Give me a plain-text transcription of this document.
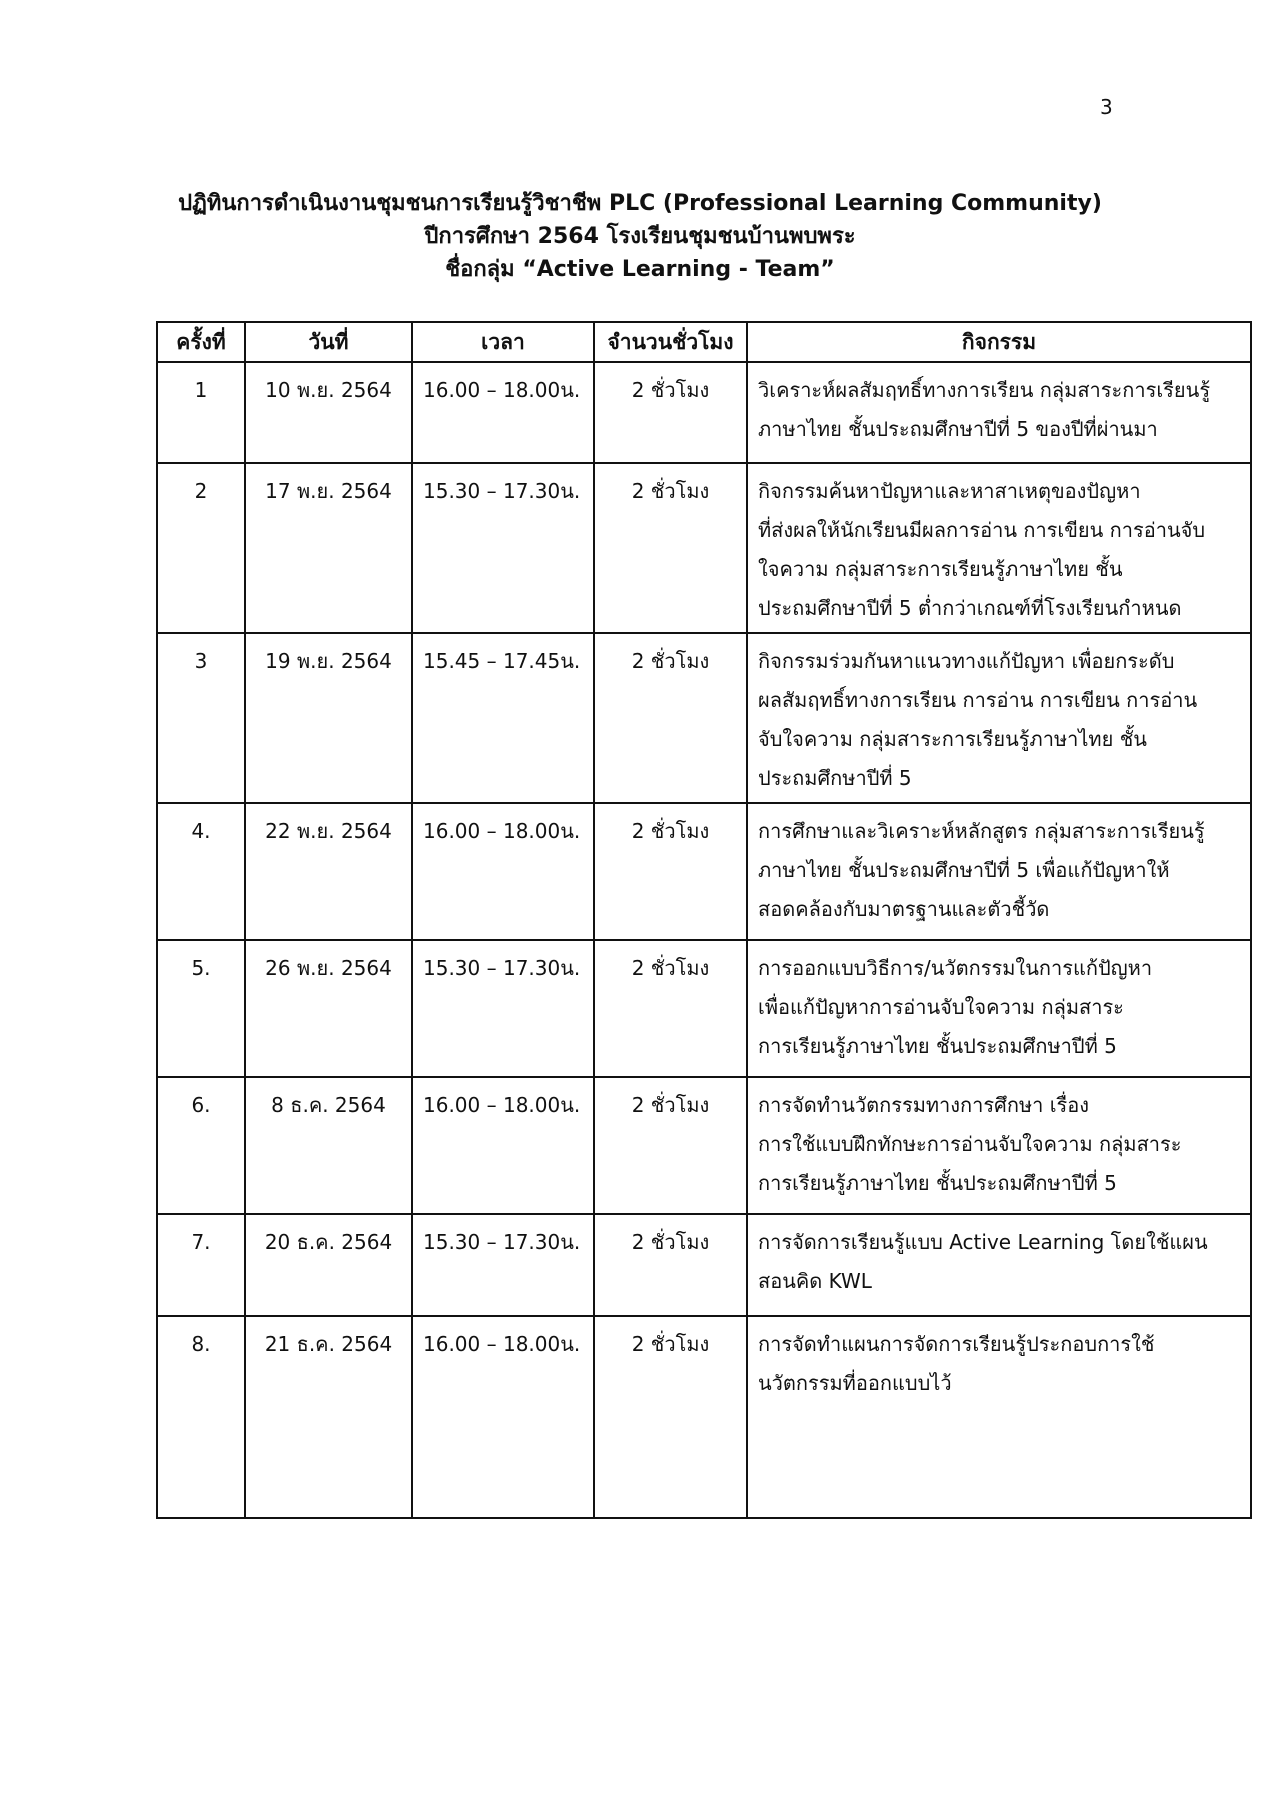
3
ปฏิทินการดำเนินงานชุมชนการเรียนรู้วิชาชีพ PLC (Professional Learning Community)
ปีการศึกษา 2564 โรงเรียนชุมชนบ้านพบพระ
ชื่อกลุ่ม “Active Learning - Team”
ครั้งที่	วันที่	เวลา	จำนวนชั่วโมง	กิจกรรม
1	10 พ.ย. 2564	16.00 – 18.00น.	2 ชั่วโมง	วิเคราะห์ผลสัมฤทธิ์ทางการเรียน กลุ่มสาระการเรียนรู้
ภาษาไทย ชั้นประถมศึกษาปีที่ 5 ของปีที่ผ่านมา

2	17 พ.ย. 2564	15.30 – 17.30น.	2 ชั่วโมง	กิจกรรมค้นหาปัญหาและหาสาเหตุของปัญหา
ที่ส่งผลให้นักเรียนมีผลการอ่าน การเขียน การอ่านจับ
ใจความ กลุ่มสาระการเรียนรู้ภาษาไทย ชั้น
ประถมศึกษาปีที่ 5 ต่ำกว่าเกณฑ์ที่โรงเรียนกำหนด

3	19 พ.ย. 2564	15.45 – 17.45น.	2 ชั่วโมง	กิจกรรมร่วมกันหาแนวทางแก้ปัญหา เพื่อยกระดับ
ผลสัมฤทธิ์ทางการเรียน การอ่าน การเขียน การอ่าน
จับใจความ กลุ่มสาระการเรียนรู้ภาษาไทย ชั้น
ประถมศึกษาปีที่ 5

4.	22 พ.ย. 2564	16.00 – 18.00น.	2 ชั่วโมง	การศึกษาและวิเคราะห์หลักสูตร กลุ่มสาระการเรียนรู้
ภาษาไทย ชั้นประถมศึกษาปีที่ 5 เพื่อแก้ปัญหาให้
สอดคล้องกับมาตรฐานและตัวชี้วัด

5.	26 พ.ย. 2564	15.30 – 17.30น.	2 ชั่วโมง	การออกแบบวิธีการ/นวัตกรรมในการแก้ปัญหา
เพื่อแก้ปัญหาการอ่านจับใจความ กลุ่มสาระ
การเรียนรู้ภาษาไทย ชั้นประถมศึกษาปีที่ 5

6.	8 ธ.ค. 2564	16.00 – 18.00น.	2 ชั่วโมง	การจัดทำนวัตกรรมทางการศึกษา เรื่อง
การใช้แบบฝึกทักษะการอ่านจับใจความ กลุ่มสาระ
การเรียนรู้ภาษาไทย ชั้นประถมศึกษาปีที่ 5

7.	20 ธ.ค. 2564	15.30 – 17.30น.	2 ชั่วโมง	การจัดการเรียนรู้แบบ Active Learning โดยใช้แผน
สอนคิด KWL

8.	21 ธ.ค. 2564	16.00 – 18.00น.	2 ชั่วโมง	การจัดทำแผนการจัดการเรียนรู้ประกอบการใช้
นวัตกรรมที่ออกแบบไว้
